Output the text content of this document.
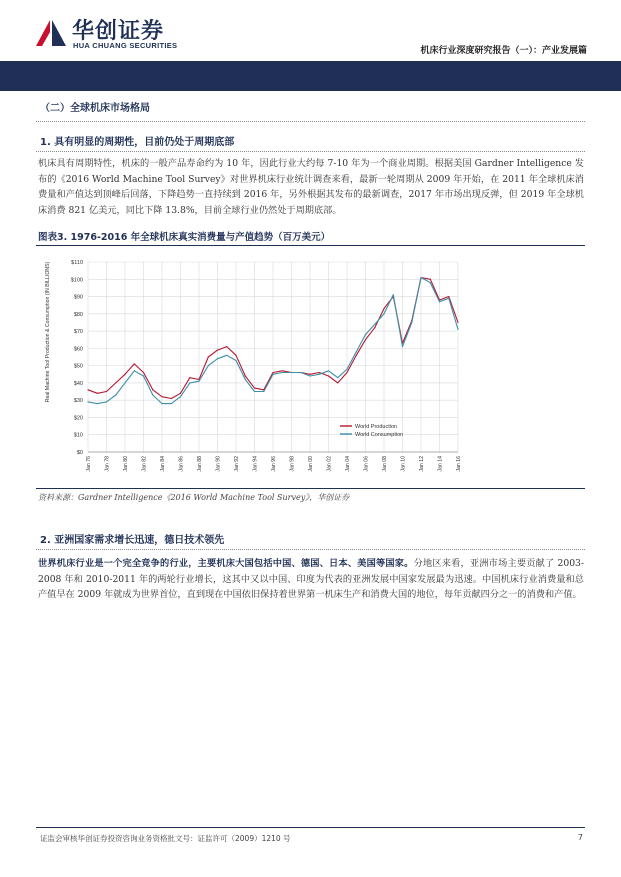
华创证券
HUA CHUANG SECURITIES
机床行业深度研究报告（一）：产业发展篇
（二）全球机床市场格局
1. 具有明显的周期性，目前仍处于周期底部
机床具有周期特性，机床的一般产品寿命约为 10 年，因此行业大约每 7-10 年为一个商业周期。根据美国 Gardner Intelligence 发布的《2016 World Machine Tool Survey》对世界机床行业统计调查来看，最新一轮周期从 2009 年开始，在 2011 年全球机床消费量和产值达到顶峰后回落，下降趋势一直持续到 2016 年，另外根据其发布的最新调查，2017 年市场出现反弹，但 2019 年全球机床消费 821 亿美元，同比下降 13.8%，目前全球行业仍然处于周期底部。
图表3. 1976-2016 年全球机床真实消费量与产值趋势（百万美元）
Real Machine Tool Production & Consumption (IN BILLIONS)
$0
$10
$20
$30
$40
$50
$60
$70
$80
$90
$100
$110
Jan 76 Jan 78 Jan 80 Jan 82 Jan 84 Jan 86 Jan 88 Jan 90 Jan 92 Jan 94 Jan 96 Jan 98 Jan 00 Jan 02 Jan 04 Jan 06 Jan 08 Jan 10 Jan 12 Jan 14 Jan 16
World Production
World Consumption
资料来源：Gardner Intelligence《2016 World Machine Tool Survey》，华创证券
2. 亚洲国家需求增长迅速，德日技术领先
世界机床行业是一个完全竞争的行业，主要机床大国包括中国、德国、日本、美国等国家。分地区来看，亚洲市场主要贡献了 2003-2008 年和 2010-2011 年的两轮行业增长，这其中又以中国、印度为代表的亚洲发展中国家发展最为迅速。中国机床行业消费量和总产值早在 2009 年就成为世界首位，直到现在中国依旧保持着世界第一机床生产和消费大国的地位，每年贡献四分之一的消费和产值。
证监会审核华创证券投资咨询业务资格批文号：证监许可（2009）1210 号	7
